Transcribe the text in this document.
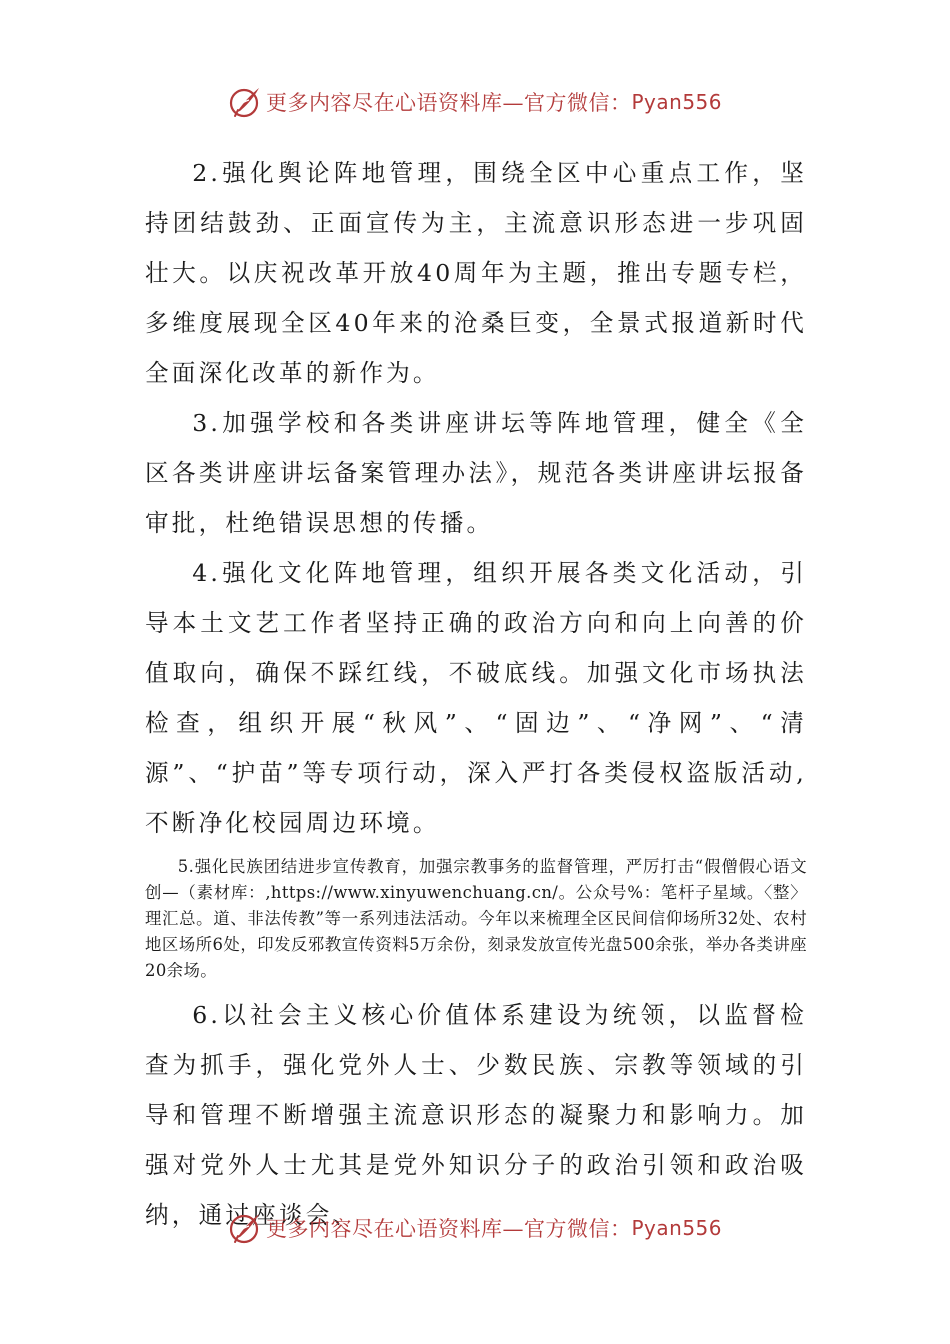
更多内容尽在心语资料库—官方微信： Pyan556

2.强化舆论阵地管理，围绕全区中心重点工作，坚持团结鼓劲、正面宣传为主，主流意识形态进一步巩固壮大。以庆祝改革开放40周年为主题，推出专题专栏，多维度展现全区40年来的沧桑巨变，全景式报道新时代全面深化改革的新作为。

3.加强学校和各类讲座讲坛等阵地管理，健全《全区各类讲座讲坛备案管理办法》，规范各类讲座讲坛报备审批，杜绝错误思想的传播。

4.强化文化阵地管理，组织开展各类文化活动，引导本土文艺工作者坚持正确的政治方向和向上向善的价值取向，确保不踩红线，不破底线。加强文化市场执法检查，组织开展“秋风”、“固边”、“净网”、“清源”、“护苗”等专项行动，深入严打各类侵权盗版活动,不断净化校园周边环境。

5.强化民族团结进步宣传教育，加强宗教事务的监督管理，严厉打击“假僧假心语文创—（素材库：,https://www.xinyuwenchuang.cn/。公众号%：笔杆子星域。〈整〉理汇总。道、非法传教”等一系列违法活动。今年以来梳理全区民间信仰场所32处、农村地区场所6处，印发反邪教宣传资料5万余份，刻录发放宣传光盘500余张，举办各类讲座20余场。

6.以社会主义核心价值体系建设为统领，以监督检查为抓手，强化党外人士、少数民族、宗教等领域的引导和管理不断增强主流意识形态的凝聚力和影响力。加强对党外人士尤其是党外知识分子的政治引领和政治吸纳，通过座谈会、

更多内容尽在心语资料库—官方微信： Pyan556
